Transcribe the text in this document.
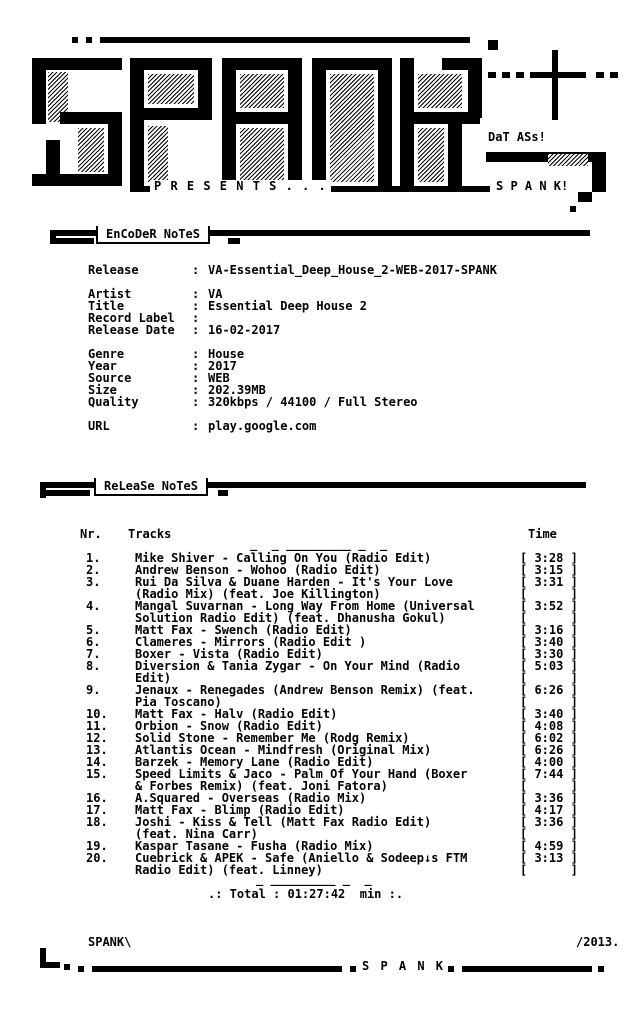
P R E S E N T S . . .
DaT ASs!
S P A N K!
EnCoDeR NoTeS
Release	: VA-Essential_Deep_House_2-WEB-2017-SPANK
Artist	: VA
Title	: Essential Deep House 2
Record Label :
Release Date : 16-02-2017
Genre	: House
Year	: 2017
Source	: WEB
Size	: 202.39MB
Quality	: 320kbps / 44100 / Full Stereo
URL	: play.google.com
ReLeaSe NoTeS
Nr. Tracks	Time
_  _ _________ _  _
1.	Mike Shiver - Calling On You (Radio Edit)	[ 3:28 ]
2.	Andrew Benson - Wohoo (Radio Edit)	[ 3:15 ]
3.	Rui Da Silva & Duane Harden - It's Your Love	[ 3:31 ]
(Radio Mix) (feat. Joe Killington)	[      ]
4.	Mangal Suvarnan - Long Way From Home (Universal	[ 3:52 ]
Solution Radio Edit) (feat. Dhanusha Gokul)	[      ]
5.	Matt Fax - Swench (Radio Edit)	[ 3:16 ]
6.	Clameres - Mirrors (Radio Edit )	[ 3:40 ]
7.	Boxer - Vista (Radio Edit)	[ 3:30 ]
8.	Diversion & Tania Zygar - On Your Mind (Radio	[ 5:03 ]
Edit)	[      ]
9.	Jenaux - Renegades (Andrew Benson Remix) (feat.	[ 6:26 ]
Pia Toscano)	[      ]
10. Matt Fax - Halv (Radio Edit)	[ 3:40 ]
11. Orbion - Snow (Radio Edit)	[ 4:08 ]
12. Solid Stone - Remember Me (Rodg Remix)	[ 6:02 ]
13. Atlantis Ocean - Mindfresh (Original Mix)	[ 6:26 ]
14. Barzek - Memory Lane (Radio Edit)	[ 4:00 ]
15. Speed Limits & Jaco - Palm Of Your Hand (Boxer	[ 7:44 ]
& Forbes Remix) (feat. Joni Fatora)	[      ]
16. A.Squared - Overseas (Radio Mix)	[ 3:36 ]
17. Matt Fax - Blimp (Radio Edit)	[ 4:17 ]
18. Joshi - Kiss & Tell (Matt Fax Radio Edit)	[ 3:36 ]
(feat. Nina Carr)	[      ]
19. Kaspar Tasane - Fusha (Radio Mix)	[ 4:59 ]
20. Cuebrick & APEK - Safe (Aniello & Sodeep↓s FTM	[ 3:13 ]
Radio Edit) (feat. Linney)	[      ]
_ _________ _  _
.: Total : 01:27:42  min :.
SPANK\	/2013.
S P A N K
